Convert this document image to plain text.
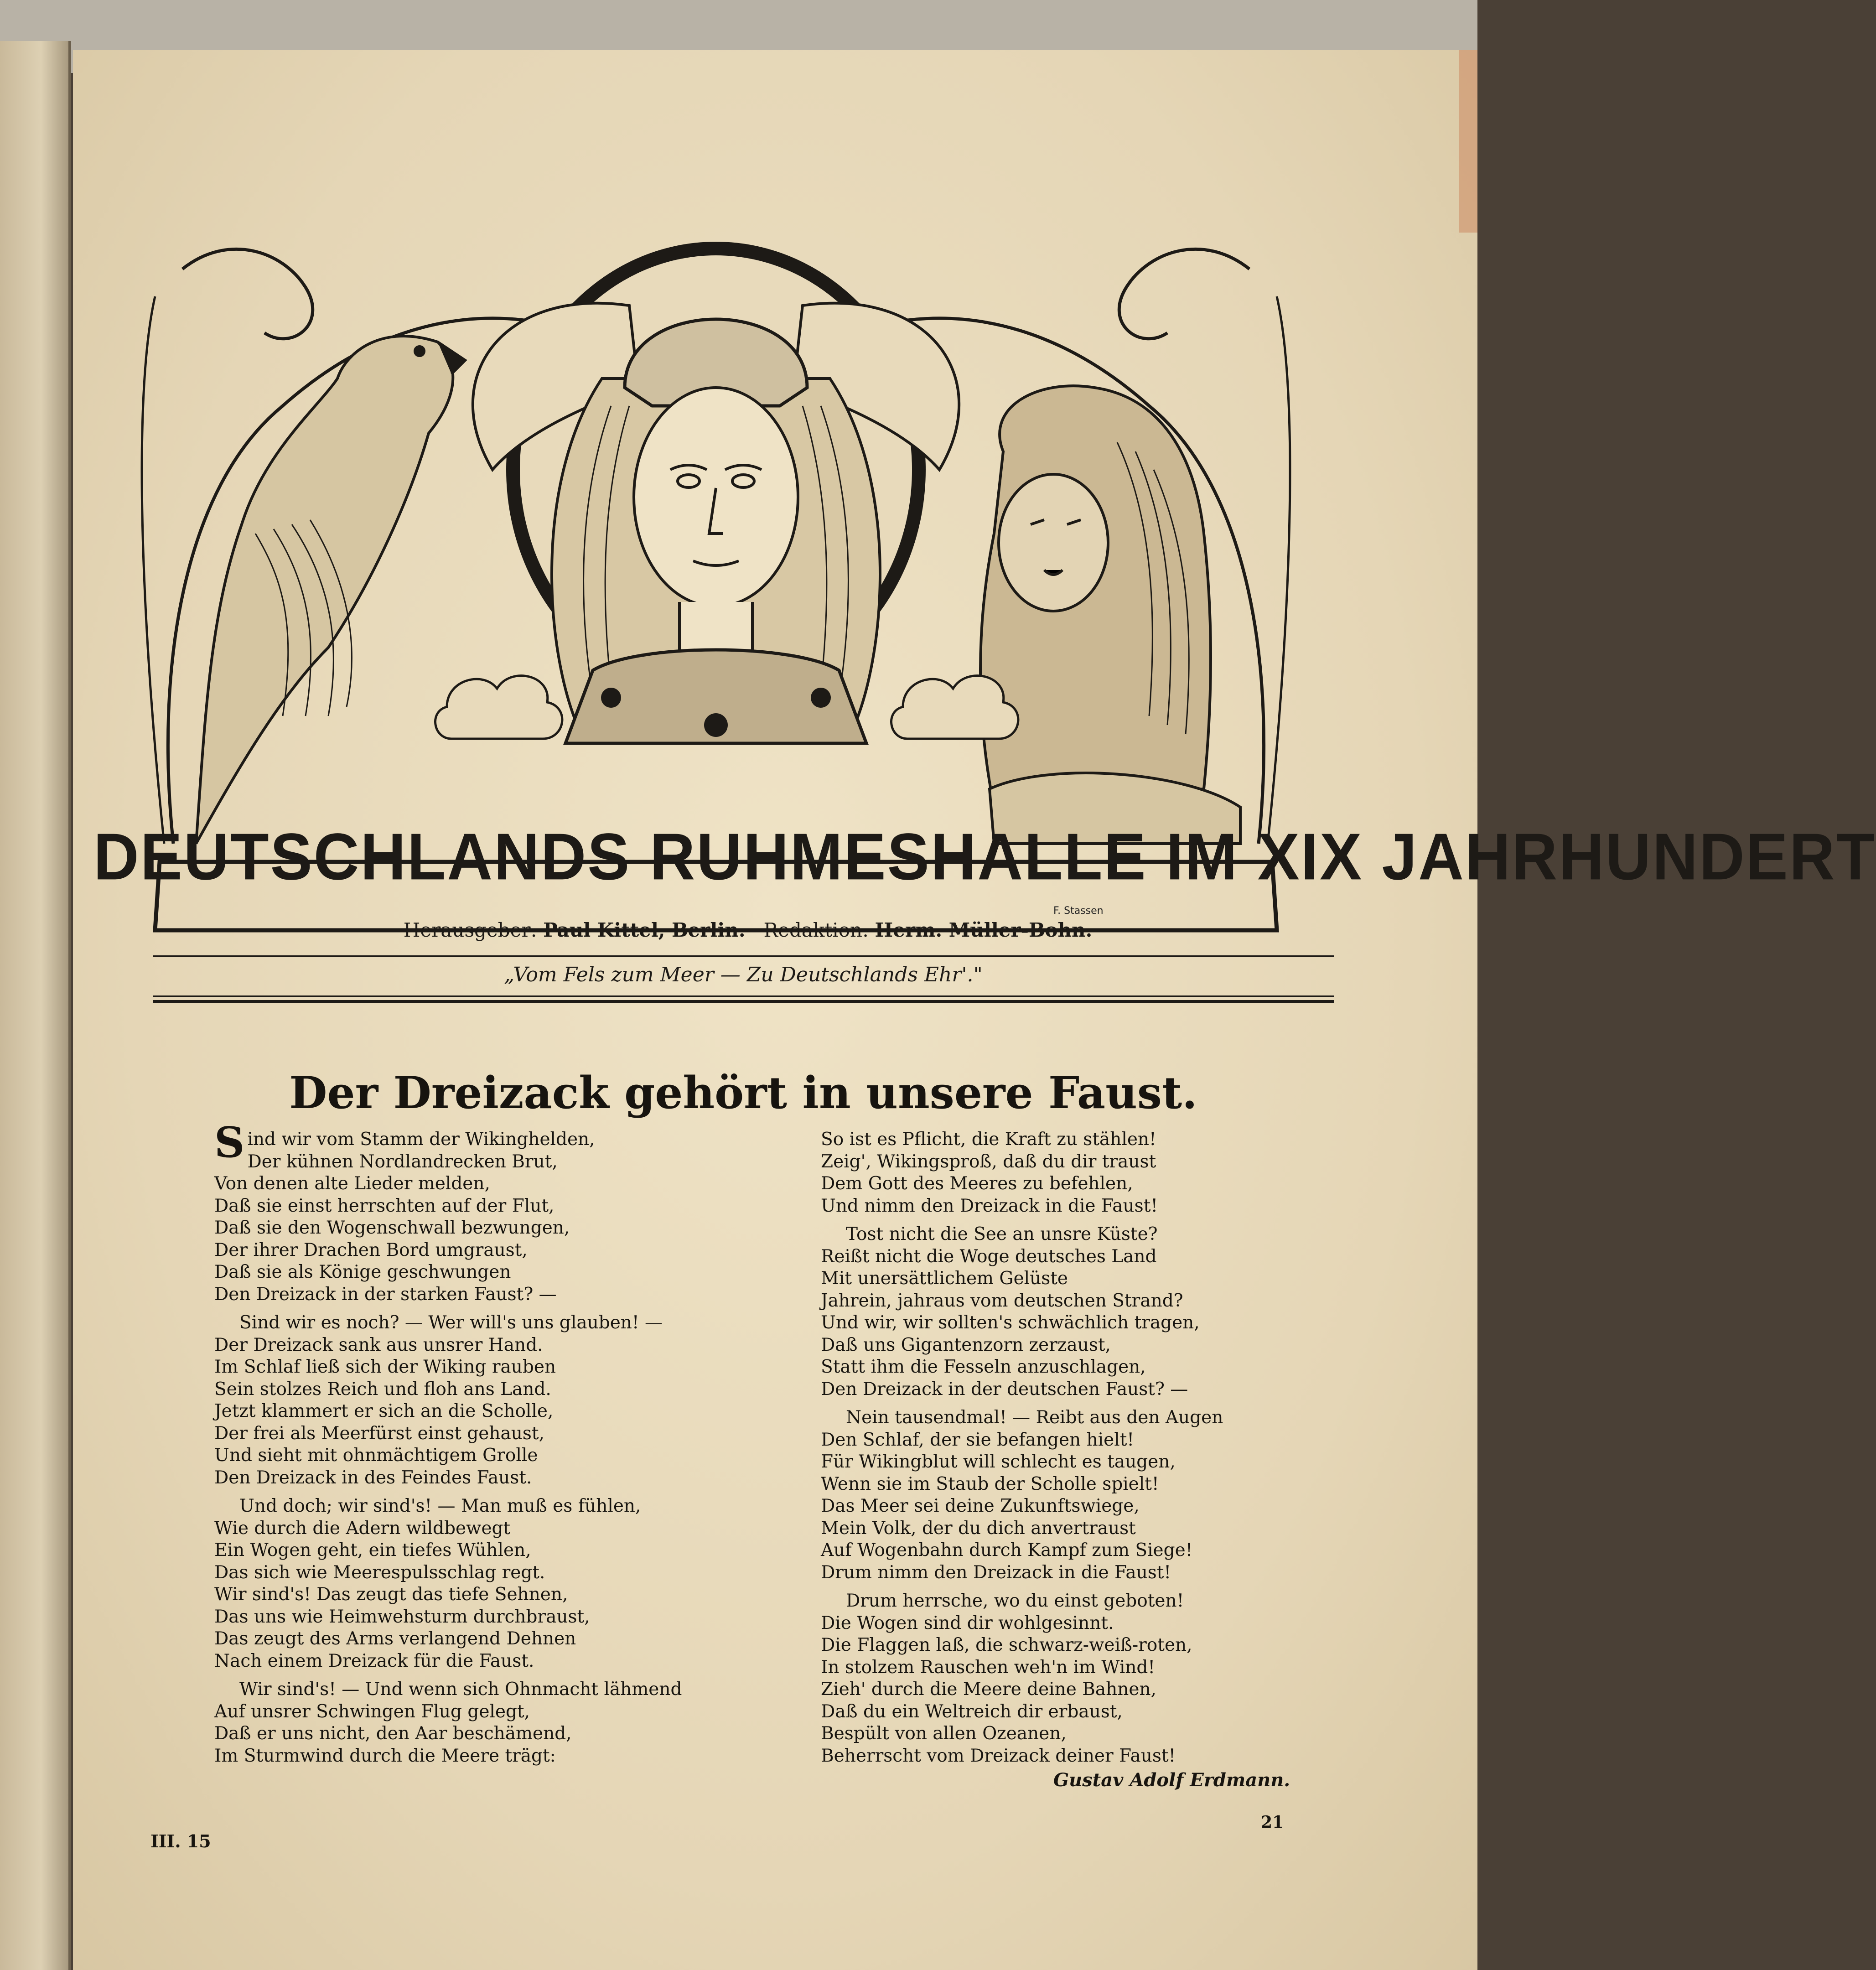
DEUTSCHLANDS RUHMESHALLE IM XIX JAHRHUNDERT
F. Stassen
Herausgeber: Paul Kittel, Berlin. Redaktion: Herm. Müller-Bohn.
„Vom Fels zum Meer — Zu Deutschlands Ehr'."
Der Dreizack gehört in unsere Faust.

Sind wir vom Stamm der Wikinghelden,

Der kühnen Nordlandrecken Brut,

Von denen alte Lieder melden,

Daß sie einst herrschten auf der Flut,

Daß sie den Wogenschwall bezwungen,

Der ihrer Drachen Bord umgraust,

Daß sie als Könige geschwungen

Den Dreizack in der starken Faust? —

Sind wir es noch? — Wer will's uns glauben! —

Der Dreizack sank aus unsrer Hand.

Im Schlaf ließ sich der Wiking rauben

Sein stolzes Reich und floh ans Land.

Jetzt klammert er sich an die Scholle,

Der frei als Meerfürst einst gehaust,

Und sieht mit ohnmächtigem Grolle

Den Dreizack in des Feindes Faust.

Und doch; wir sind's! — Man muß es fühlen,

Wie durch die Adern wildbewegt

Ein Wogen geht, ein tiefes Wühlen,

Das sich wie Meerespulsschlag regt.

Wir sind's! Das zeugt das tiefe Sehnen,

Das uns wie Heimwehsturm durchbraust,

Das zeugt des Arms verlangend Dehnen

Nach einem Dreizack für die Faust.

Wir sind's! — Und wenn sich Ohnmacht lähmend

Auf unsrer Schwingen Flug gelegt,

Daß er uns nicht, den Aar beschämend,

Im Sturmwind durch die Meere trägt:

So ist es Pflicht, die Kraft zu stählen!

Zeig', Wikingsproß, daß du dir traust

Dem Gott des Meeres zu befehlen,

Und nimm den Dreizack in die Faust!

Tost nicht die See an unsre Küste?

Reißt nicht die Woge deutsches Land

Mit unersättlichem Gelüste

Jahrein, jahraus vom deutschen Strand?

Und wir, wir sollten's schwächlich tragen,

Daß uns Gigantenzorn zerzaust,

Statt ihm die Fesseln anzuschlagen,

Den Dreizack in der deutschen Faust? —

Nein tausendmal! — Reibt aus den Augen

Den Schlaf, der sie befangen hielt!

Für Wikingblut will schlecht es taugen,

Wenn sie im Staub der Scholle spielt!

Das Meer sei deine Zukunftswiege,

Mein Volk, der du dich anvertraust

Auf Wogenbahn durch Kampf zum Siege!

Drum nimm den Dreizack in die Faust!

Drum herrsche, wo du einst geboten!

Die Wogen sind dir wohlgesinnt.

Die Flaggen laß, die schwarz-weiß-roten,

In stolzem Rauschen weh'n im Wind!

Zieh' durch die Meere deine Bahnen,

Daß du ein Weltreich dir erbaust,

Bespült von allen Ozeanen,

Beherrscht vom Dreizack deiner Faust!

Gustav Adolf Erdmann.
III. 15
21
